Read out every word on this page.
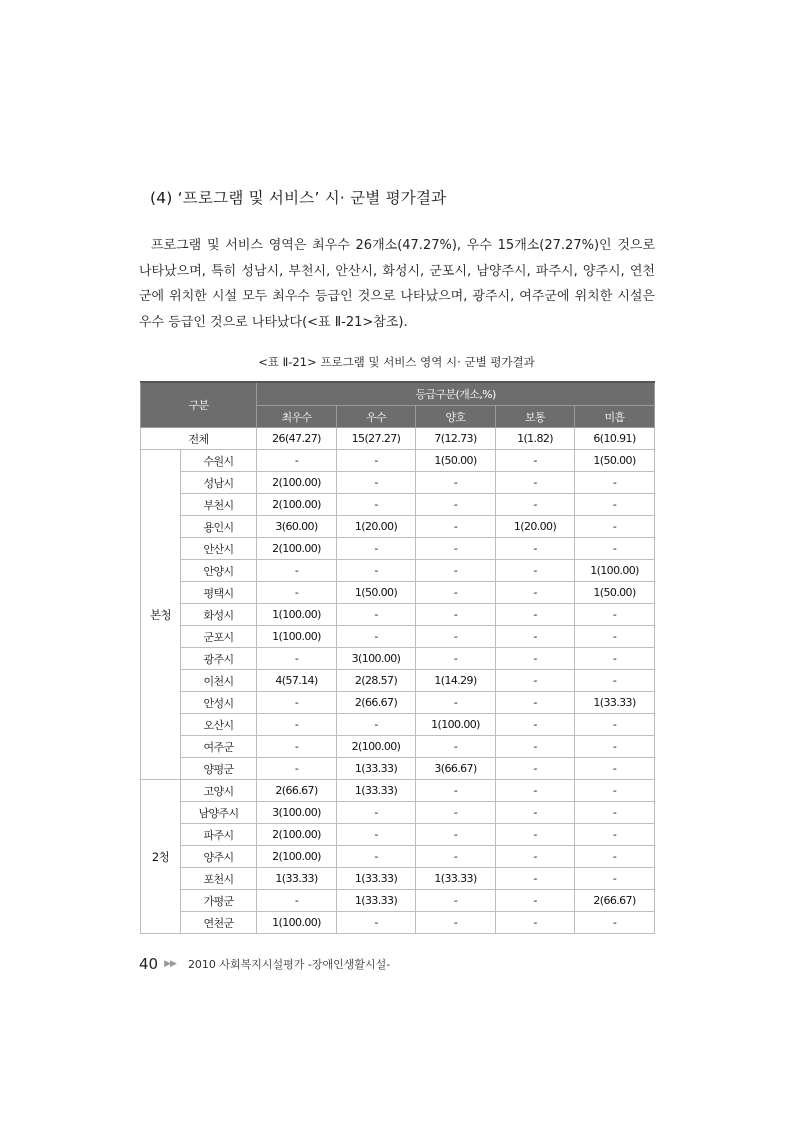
(4) ‘프로그램 및 서비스’ 시· 군별 평가결과
프로그램 및 서비스 영역은 최우수 26개소(47.27%), 우수 15개소(27.27%)인 것으로 나타났으며, 특히 성남시, 부천시, 안산시, 화성시, 군포시, 남양주시, 파주시, 양주시, 연천군에 위치한 시설 모두 최우수 등급인 것으로 나타났으며, 광주시, 여주군에 위치한 시설은 우수 등급인 것으로 나타났다(<표 Ⅱ-21>참조).
<표 Ⅱ-21> 프로그램 및 서비스 영역 시· 군별 평가결과
구분		등급구분(개소,%)				
		최우수	우수	양호	보통	미흡
전체		26(47.27)	15(27.27)	7(12.73)	1(1.82)	6(10.91)
본청	수원시	-	-	1(50.00)	-	1(50.00)
	성남시	2(100.00)	-	-	-	-
	부천시	2(100.00)	-	-	-	-
	용인시	3(60.00)	1(20.00)	-	1(20.00)	-
	안산시	2(100.00)	-	-	-	-
	안양시	-	-	-	-	1(100.00)
	평택시	-	1(50.00)	-	-	1(50.00)
	화성시	1(100.00)	-	-	-	-
	군포시	1(100.00)	-	-	-	-
	광주시	-	3(100.00)	-	-	-
	이천시	4(57.14)	2(28.57)	1(14.29)	-	-
	안성시	-	2(66.67)	-	-	1(33.33)
	오산시	-	-	1(100.00)	-	-
	여주군	-	2(100.00)	-	-	-
	양평군	-	1(33.33)	3(66.67)	-	-
2청	고양시	2(66.67)	1(33.33)	-	-	-
	남양주시	3(100.00)	-	-	-	-
	파주시	2(100.00)	-	-	-	-
	양주시	2(100.00)	-	-	-	-
	포천시	1(33.33)	1(33.33)	1(33.33)	-	-
	가평군	-	1(33.33)	-	-	2(66.67)
	연천군	1(100.00)	-	-	-	-
40 ▶▶ 2010 사회복지시설평가 -장애인생활시설-
